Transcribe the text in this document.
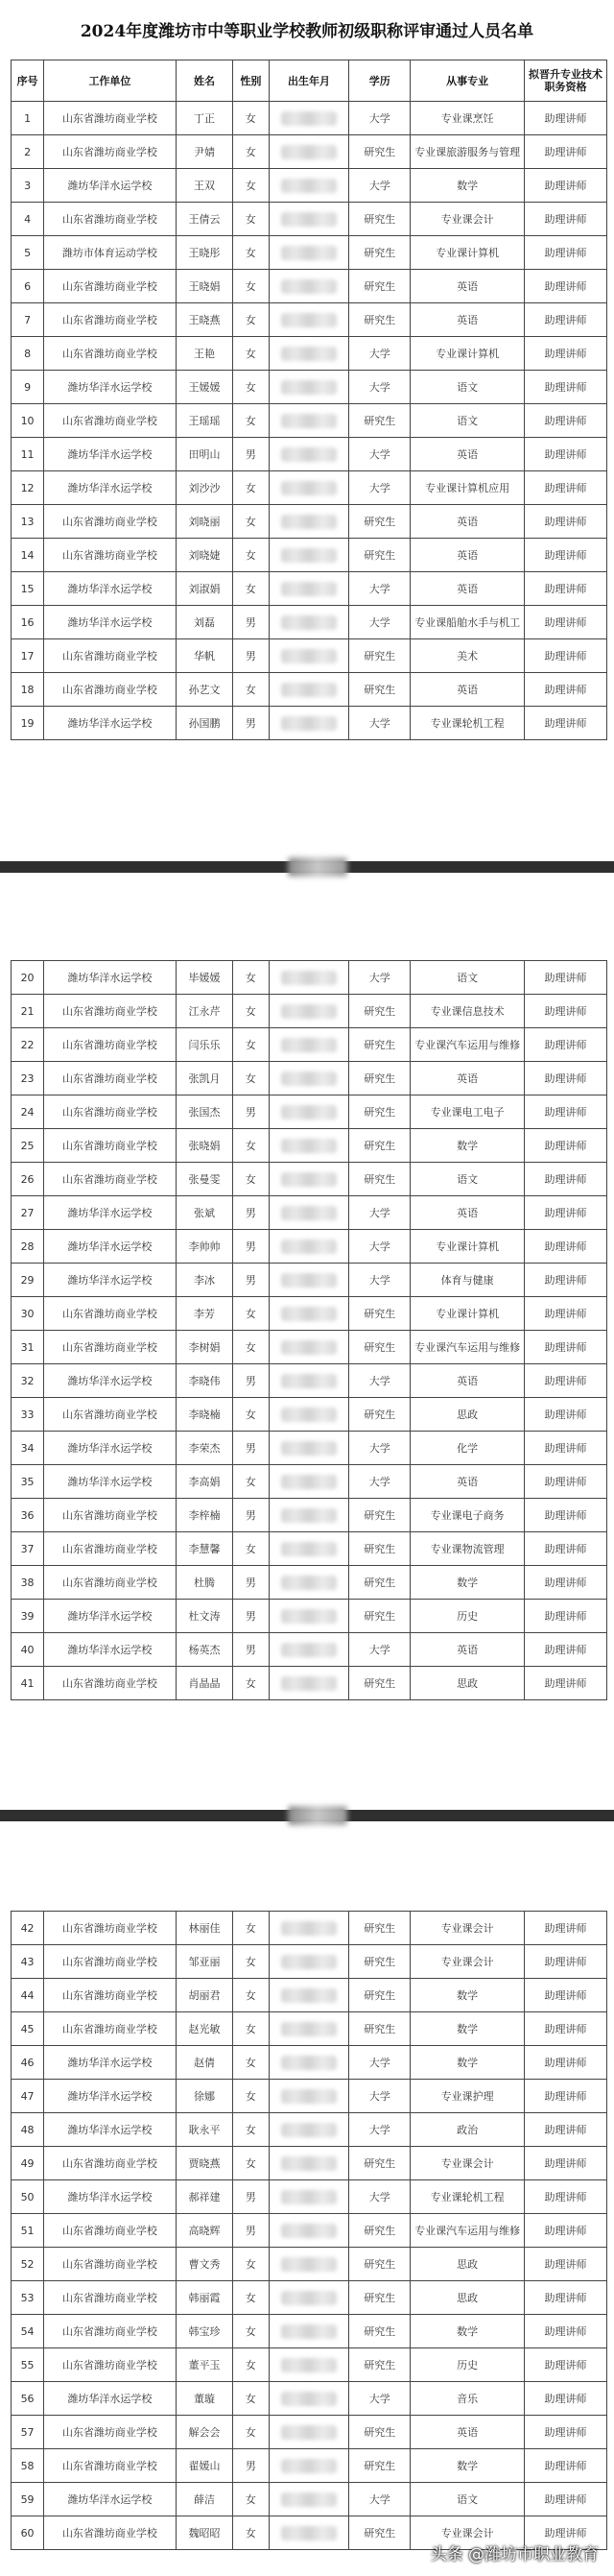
2024年度潍坊市中等职业学校教师初级职称评审通过人员名单
序号	工作单位	姓名	性别	出生年月	学历	从事专业	拟晋升专业技术职务资格
1	山东省潍坊商业学校	丁正	女		大学	专业课烹饪	助理讲师
2	山东省潍坊商业学校	尹婧	女		研究生	专业课旅游服务与管理	助理讲师
3	潍坊华洋水运学校	王双	女		大学	数学	助理讲师
4	山东省潍坊商业学校	王倩云	女		研究生	专业课会计	助理讲师
5	潍坊市体育运动学校	王晓彤	女		研究生	专业课计算机	助理讲师
6	山东省潍坊商业学校	王晓娟	女		研究生	英语	助理讲师
7	山东省潍坊商业学校	王晓燕	女		研究生	英语	助理讲师
8	山东省潍坊商业学校	王艳	女		大学	专业课计算机	助理讲师
9	潍坊华洋水运学校	王媛媛	女		大学	语文	助理讲师
10	山东省潍坊商业学校	王瑶瑶	女		研究生	语文	助理讲师
11	潍坊华洋水运学校	田明山	男		大学	英语	助理讲师
12	潍坊华洋水运学校	刘沙沙	女		大学	专业课计算机应用	助理讲师
13	山东省潍坊商业学校	刘晓丽	女		研究生	英语	助理讲师
14	山东省潍坊商业学校	刘晓婕	女		研究生	英语	助理讲师
15	潍坊华洋水运学校	刘淑娟	女		大学	英语	助理讲师
16	潍坊华洋水运学校	刘磊	男		大学	专业课船舶水手与机工	助理讲师
17	山东省潍坊商业学校	华帆	男		研究生	美术	助理讲师
18	山东省潍坊商业学校	孙艺文	女		研究生	英语	助理讲师
19	潍坊华洋水运学校	孙国鹏	男		大学	专业课轮机工程	助理讲师
20	潍坊华洋水运学校	毕媛媛	女		大学	语文	助理讲师
21	山东省潍坊商业学校	江永芹	女		研究生	专业课信息技术	助理讲师
22	山东省潍坊商业学校	闫乐乐	女		研究生	专业课汽车运用与维修	助理讲师
23	山东省潍坊商业学校	张凯月	女		研究生	英语	助理讲师
24	山东省潍坊商业学校	张国杰	男		研究生	专业课电工电子	助理讲师
25	山东省潍坊商业学校	张晓娟	女		研究生	数学	助理讲师
26	山东省潍坊商业学校	张曼雯	女		研究生	语文	助理讲师
27	潍坊华洋水运学校	张斌	男		大学	英语	助理讲师
28	潍坊华洋水运学校	李帅帅	男		大学	专业课计算机	助理讲师
29	潍坊华洋水运学校	李冰	男		大学	体育与健康	助理讲师
30	山东省潍坊商业学校	李芳	女		研究生	专业课计算机	助理讲师
31	山东省潍坊商业学校	李树娟	女		研究生	专业课汽车运用与维修	助理讲师
32	潍坊华洋水运学校	李晓伟	男		大学	英语	助理讲师
33	山东省潍坊商业学校	李晓楠	女		研究生	思政	助理讲师
34	潍坊华洋水运学校	李荣杰	男		大学	化学	助理讲师
35	潍坊华洋水运学校	李高娟	女		大学	英语	助理讲师
36	山东省潍坊商业学校	李梓楠	男		研究生	专业课电子商务	助理讲师
37	山东省潍坊商业学校	李慧馨	女		研究生	专业课物流管理	助理讲师
38	山东省潍坊商业学校	杜腾	男		研究生	数学	助理讲师
39	潍坊华洋水运学校	杜文涛	男		研究生	历史	助理讲师
40	潍坊华洋水运学校	杨英杰	男		大学	英语	助理讲师
41	山东省潍坊商业学校	肖晶晶	女		研究生	思政	助理讲师
42	山东省潍坊商业学校	林丽佳	女		研究生	专业课会计	助理讲师
43	山东省潍坊商业学校	邹亚丽	女		研究生	专业课会计	助理讲师
44	山东省潍坊商业学校	胡丽君	女		研究生	数学	助理讲师
45	山东省潍坊商业学校	赵光敏	女		研究生	数学	助理讲师
46	潍坊华洋水运学校	赵倩	女		大学	数学	助理讲师
47	潍坊华洋水运学校	徐娜	女		大学	专业课护理	助理讲师
48	潍坊华洋水运学校	耿永平	女		大学	政治	助理讲师
49	山东省潍坊商业学校	贾晓燕	女		研究生	专业课会计	助理讲师
50	潍坊华洋水运学校	郝祥建	男		大学	专业课轮机工程	助理讲师
51	山东省潍坊商业学校	高晓辉	男		研究生	专业课汽车运用与维修	助理讲师
52	山东省潍坊商业学校	曹文秀	女		研究生	思政	助理讲师
53	山东省潍坊商业学校	韩丽霞	女		研究生	思政	助理讲师
54	山东省潍坊商业学校	韩宝珍	女		研究生	数学	助理讲师
55	山东省潍坊商业学校	董平玉	女		研究生	历史	助理讲师
56	潍坊华洋水运学校	董璇	女		大学	音乐	助理讲师
57	山东省潍坊商业学校	解会会	女		研究生	英语	助理讲师
58	山东省潍坊商业学校	翟媛山	男		研究生	数学	助理讲师
59	潍坊华洋水运学校	薛洁	女		大学	语文	助理讲师
60	山东省潍坊商业学校	魏昭昭	女		研究生	专业课会计	助理讲师
头条 @潍坊市职业教育
